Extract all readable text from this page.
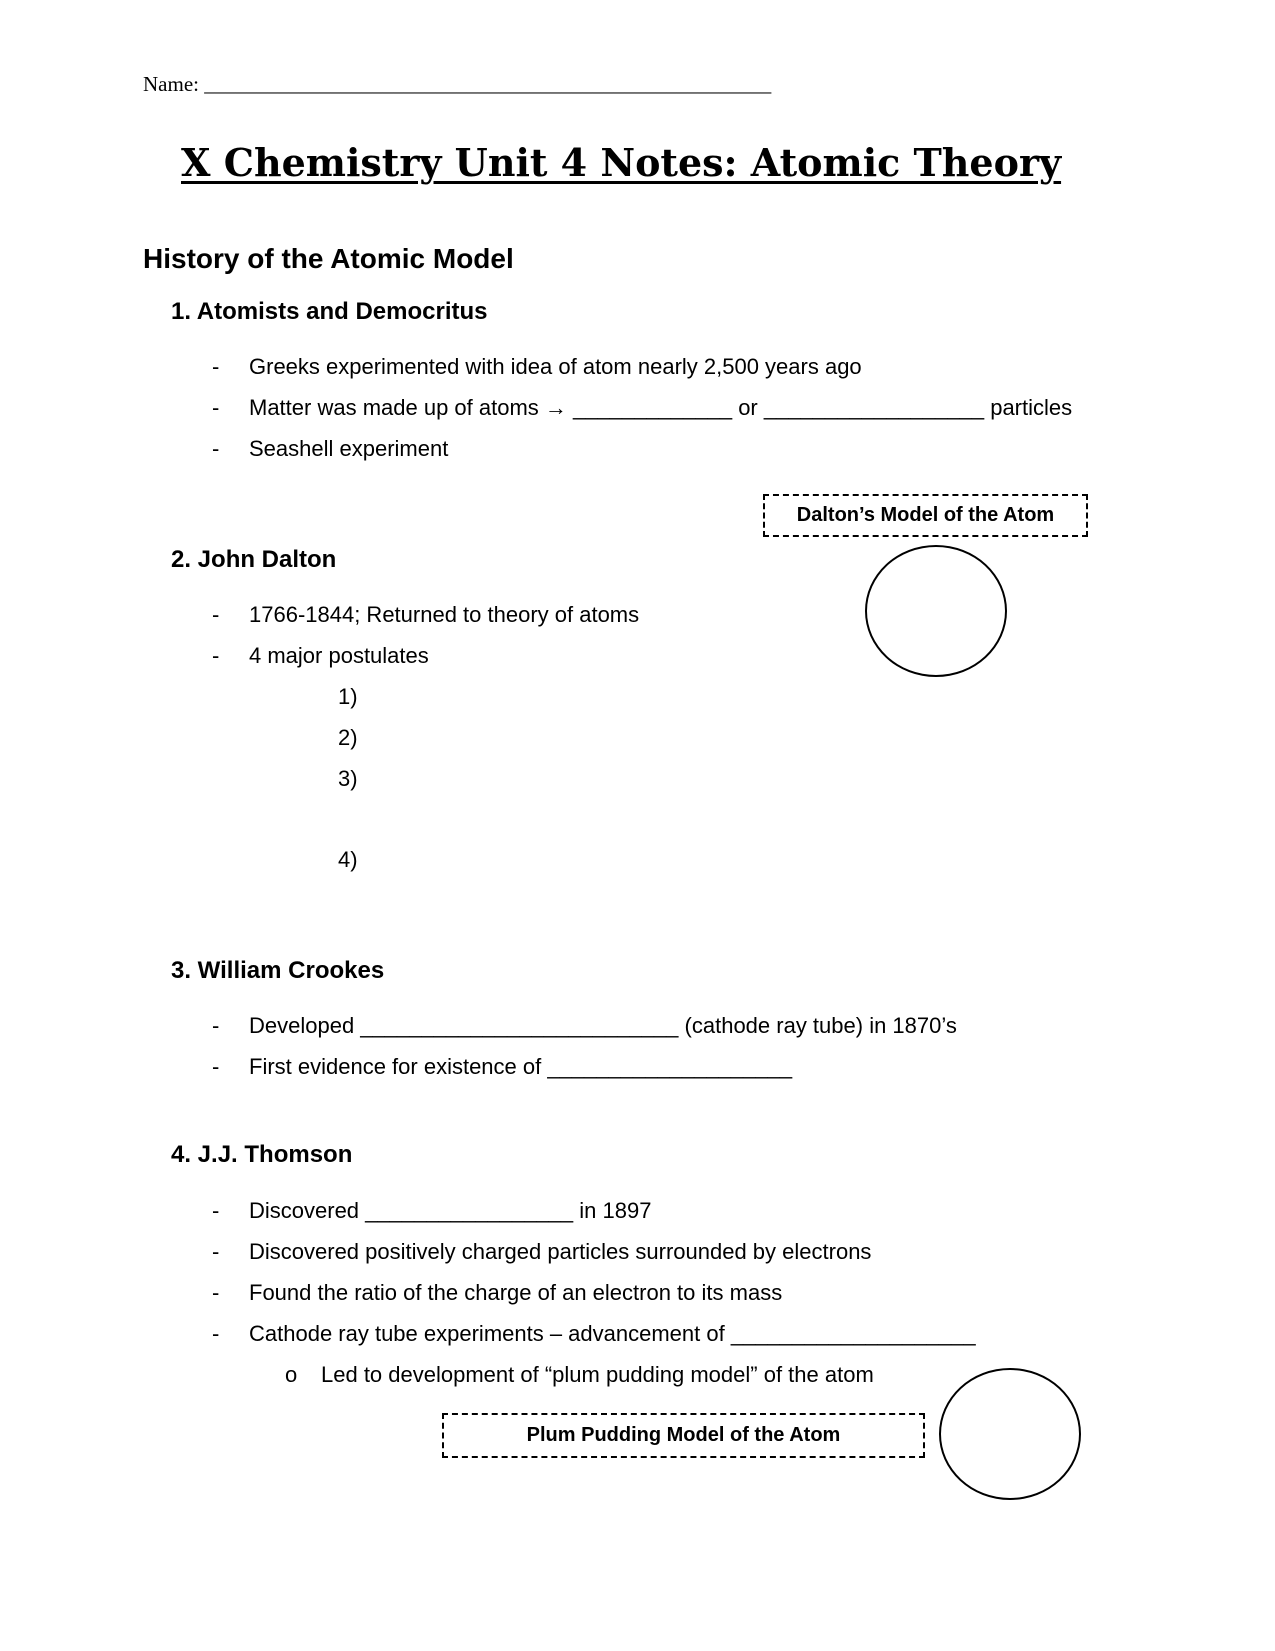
Name: ______________________________________________________
X Chemistry Unit 4 Notes: Atomic Theory
History of the Atomic Model
1. Atomists and Democritus
- Greeks experimented with idea of atom nearly 2,500 years ago
- Matter was made up of atoms → _____________ or __________________ particles
- Seashell experiment
Dalton’s Model of the Atom
2. John Dalton
- 1766-1844; Returned to theory of atoms
- 4 major postulates
1)
2)
3)
4)
3. William Crookes
- Developed __________________________ (cathode ray tube) in 1870’s
- First evidence for existence of ____________________
4. J.J. Thomson
- Discovered _________________ in 1897
- Discovered positively charged particles surrounded by electrons
- Found the ratio of the charge of an electron to its mass
- Cathode ray tube experiments – advancement of ____________________
o Led to development of “plum pudding model” of the atom
Plum Pudding Model of the Atom
